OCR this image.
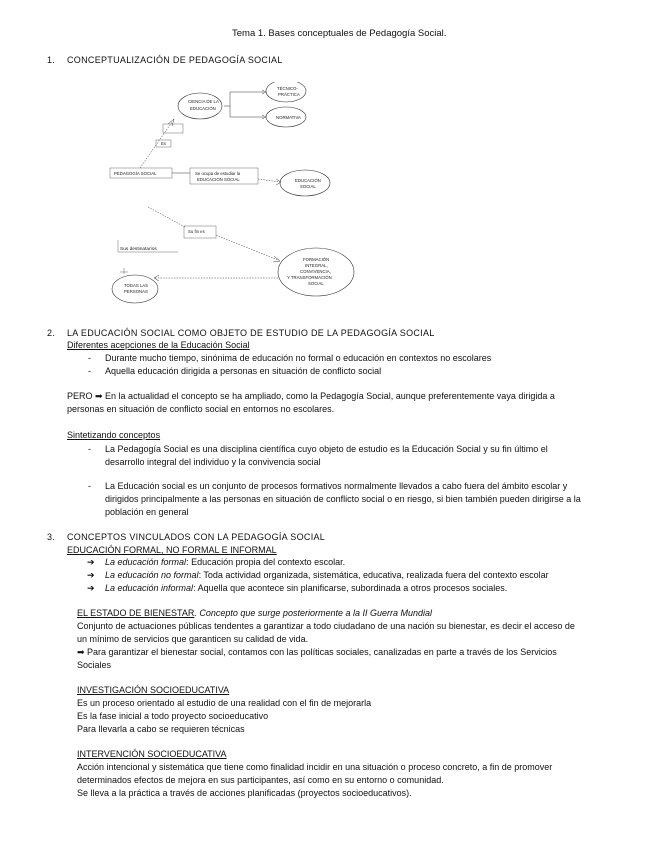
Tema 1. Bases conceptuales de Pedagogía Social.
1. CONCEPTUALIZACIÓN DE PEDAGOGÍA SOCIAL
CIENCIA DE LA
EDUCACIÓN
TÉCNICO-
PRÁCTICA
NORMATIVA
Es
PEDAGOGÍA SOCIAL	Se ocupa de estudiar la
EDUCACIÓN SOCIAL	EDUCACIÓN
SOCIAL
Su fin es
FORMACIÓN
INTEGRAL,
CONVIVENCIA,
Y TRANSFORMACIÓN
SOCIAL
Sus destinatarios
TODAS LAS
PERSONAS
2. LA EDUCACIÓN SOCIAL COMO OBJETO DE ESTUDIO DE LA PEDAGOGÍA SOCIAL
Diferentes acepciones de la Educación Social
- Durante mucho tiempo, sinónima de educación no formal o educación en contextos no escolares
- Aquella educación dirigida a personas en situación de conflicto social
PERO ➡ En la actualidad el concepto se ha ampliado, como la Pedagogía Social, aunque preferentemente vaya dirigida a
personas en situación de conflicto social en entornos no escolares.
Sintetizando conceptos
- La Pedagogía Social es una disciplina científica cuyo objeto de estudio es la Educación Social y su fin último el
desarrollo integral del individuo y la convivencia social
- La Educación social es un conjunto de procesos formativos normalmente llevados a cabo fuera del ámbito escolar y
dirigidos principalmente a las personas en situación de conflicto social o en riesgo, si bien también pueden dirigirse a la
población en general
3. CONCEPTOS VINCULADOS CON LA PEDAGOGÍA SOCIAL
EDUCACIÓN FORMAL, NO FORMAL E INFORMAL
➔ La educación formal: Educación propia del contexto escolar.
➔ La educación no formal: Toda actividad organizada, sistemática, educativa, realizada fuera del contexto escolar
➔ La educación informal: Aquella que acontece sin planificarse, subordinada a otros procesos sociales.
EL ESTADO DE BIENESTAR. Concepto que surge posteriormente a la II Guerra Mundial
Conjunto de actuaciones públicas tendentes a garantizar a todo ciudadano de una nación su bienestar, es decir el acceso de
un mínimo de servicios que garanticen su calidad de vida.
➡ Para garantizar el bienestar social, contamos con las políticas sociales, canalizadas en parte a través de los Servicios
Sociales
INVESTIGACIÓN SOCIOEDUCATIVA
Es un proceso orientado al estudio de una realidad con el fin de mejorarla
Es la fase inicial a todo proyecto socioeducativo
Para llevarla a cabo se requieren técnicas
INTERVENCIÓN SOCIOEDUCATIVA
Acción intencional y sistemática que tiene como finalidad incidir en una situación o proceso concreto, a fin de promover
determinados efectos de mejora en sus participantes, así como en su entorno o comunidad.
Se lleva a la práctica a través de acciones planificadas (proyectos socioeducativos).
